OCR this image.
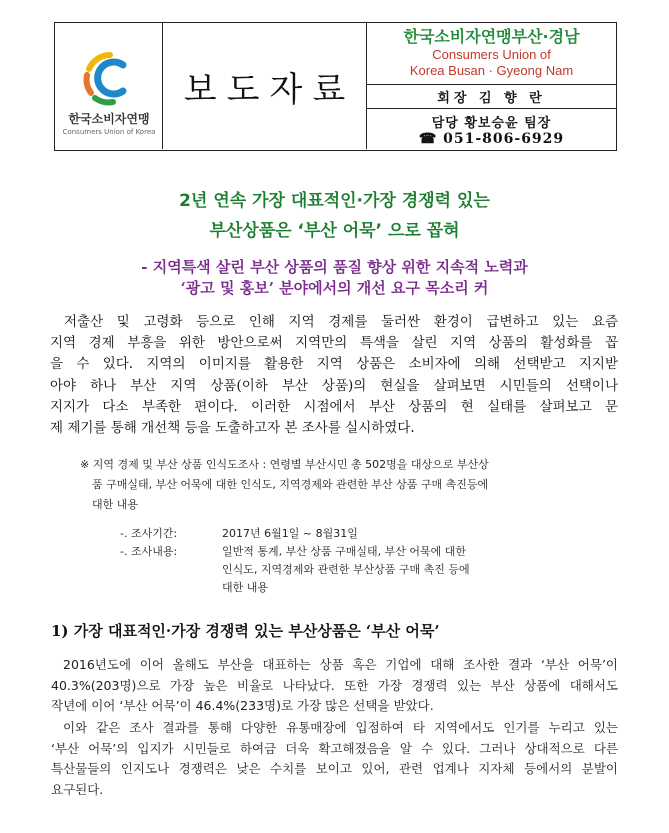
한국소비자연맹
Consumers Union of Korea
보도자료
한국소비자연맹부산·경남
Consumers Union of
Korea Busan · Gyeong Nam
회장 김 향 란
담당 황보승윤 팀장
☎ 051-806-6929
2년 연속 가장 대표적인·가장 경쟁력 있는
부산상품은 ‘부산 어묵’ 으로 꼽혀
- 지역특색 살린 부산 상품의 품질 향상 위한 지속적 노력과
‘광고 및 홍보’ 분야에서의 개선 요구 목소리 커
저출산 및 고령화 등으로 인해 지역 경제를 둘러싼 환경이 급변하고 있는 요즘
지역 경제 부흥을 위한 방안으로써 지역만의 특색을 살린 지역 상품의 활성화를 꼽
을 수 있다. 지역의 이미지를 활용한 지역 상품은 소비자에 의해 선택받고 지지받
아야 하나 부산 지역 상품(이하 부산 상품)의 현실을 살펴보면 시민들의 선택이나
지지가 다소 부족한 편이다. 이러한 시점에서 부산 상품의 현 실태를 살펴보고 문
제 제기를 통해 개선책 등을 도출하고자 본 조사를 실시하였다.
※ 지역 경제 및 부산 상품 인식도조사 : 연령별 부산시민 총 502명을 대상으로 부산상
품 구매실태, 부산 어묵에 대한 인식도, 지역경제와 관련한 부산 상품 구매 촉진등에
대한 내용
-. 조사기간:	2017년 6월1일 ~ 8월31일
-. 조사내용:	일반적 통계, 부산 상품 구매실태, 부산 어묵에 대한
인식도, 지역경제와 관련한 부산상품 구매 촉진 등에
대한 내용
1) 가장 대표적인·가장 경쟁력 있는 부산상품은 ‘부산 어묵’
2016년도에 이어 올해도 부산을 대표하는 상품 혹은 기업에 대해 조사한 결과 ‘부산 어묵’이
40.3%(203명)으로 가장 높은 비율로 나타났다. 또한 가장 경쟁력 있는 부산 상품에 대해서도
작년에 이어 ‘부산 어묵’이 46.4%(233명)로 가장 많은 선택을 받았다.
이와 같은 조사 결과를 통해 다양한 유통매장에 입점하여 타 지역에서도 인기를 누리고 있는
‘부산 어묵’의 입지가 시민들로 하여금 더욱 확고해졌음을 알 수 있다. 그러나 상대적으로 다른
특산물들의 인지도나 경쟁력은 낮은 수치를 보이고 있어, 관련 업계나 지자체 등에서의 분발이
요구된다.
